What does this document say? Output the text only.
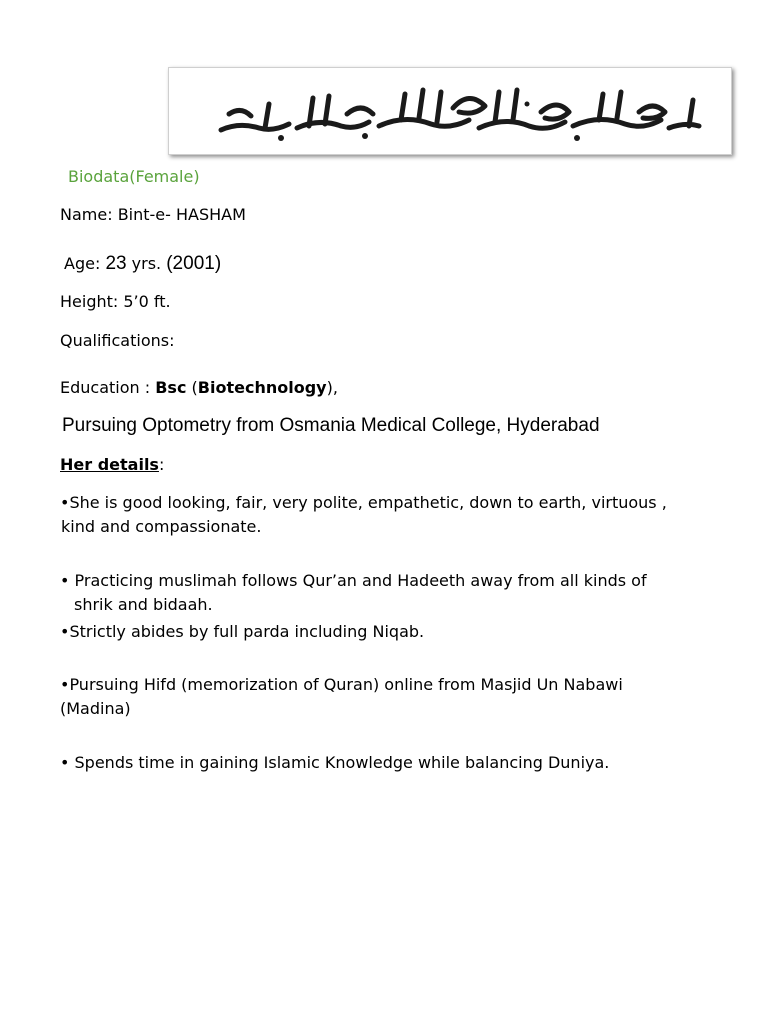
Biodata(Female)
Name: Bint-e- HASHAM
Age: 23 yrs. (2001)
Height: 5’0 ft.
Qualifications:
Education : Bsc (Biotechnology),
Pursuing Optometry from Osmania Medical College, Hyderabad
Her details:
•She is good looking, fair, very polite, empathetic, down to earth, virtuous ,
kind and compassionate.
• Practicing muslimah follows Qur’an and Hadeeth away from all kinds of
shrik and bidaah.
•Strictly abides by full parda including Niqab.
•Pursuing Hifd (memorization of Quran) online from Masjid Un Nabawi
(Madina)
• Spends time in gaining Islamic Knowledge while balancing Duniya.
